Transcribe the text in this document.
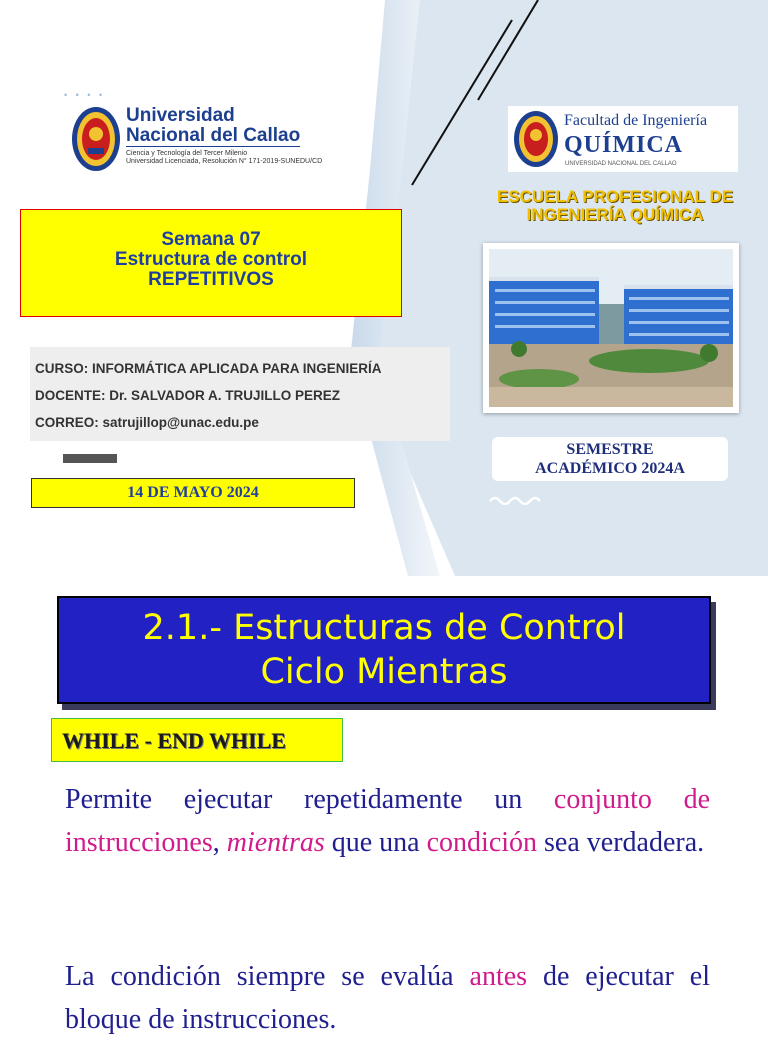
• • • •
Universidad
Nacional del Callao
Ciencia y Tecnología del Tercer Milenio
Universidad Licenciada, Resolución N° 171-2019-SUNEDU/CD
Semana 07
Estructura de control
REPETITIVOS
CURSO: INFORMÁTICA APLICADA PARA INGENIERÍA
DOCENTE: Dr. SALVADOR A. TRUJILLO PEREZ
CORREO: satrujillop@unac.edu.pe
14 DE MAYO 2024
Facultad de Ingeniería
QUÍMICA
UNIVERSIDAD NACIONAL DEL CALLAO
ESCUELA PROFESIONAL DE
INGENIERÍA QUÍMICA
SEMESTRE
ACADÉMICO 2024A
2.1.- Estructuras de Control
Ciclo Mientras
WHILE - END WHILE
Permite ejecutar repetidamente un conjunto de instrucciones, mientras que una condición sea verdadera.
La condición siempre se evalúa antes de ejecutar el bloque de instrucciones.
